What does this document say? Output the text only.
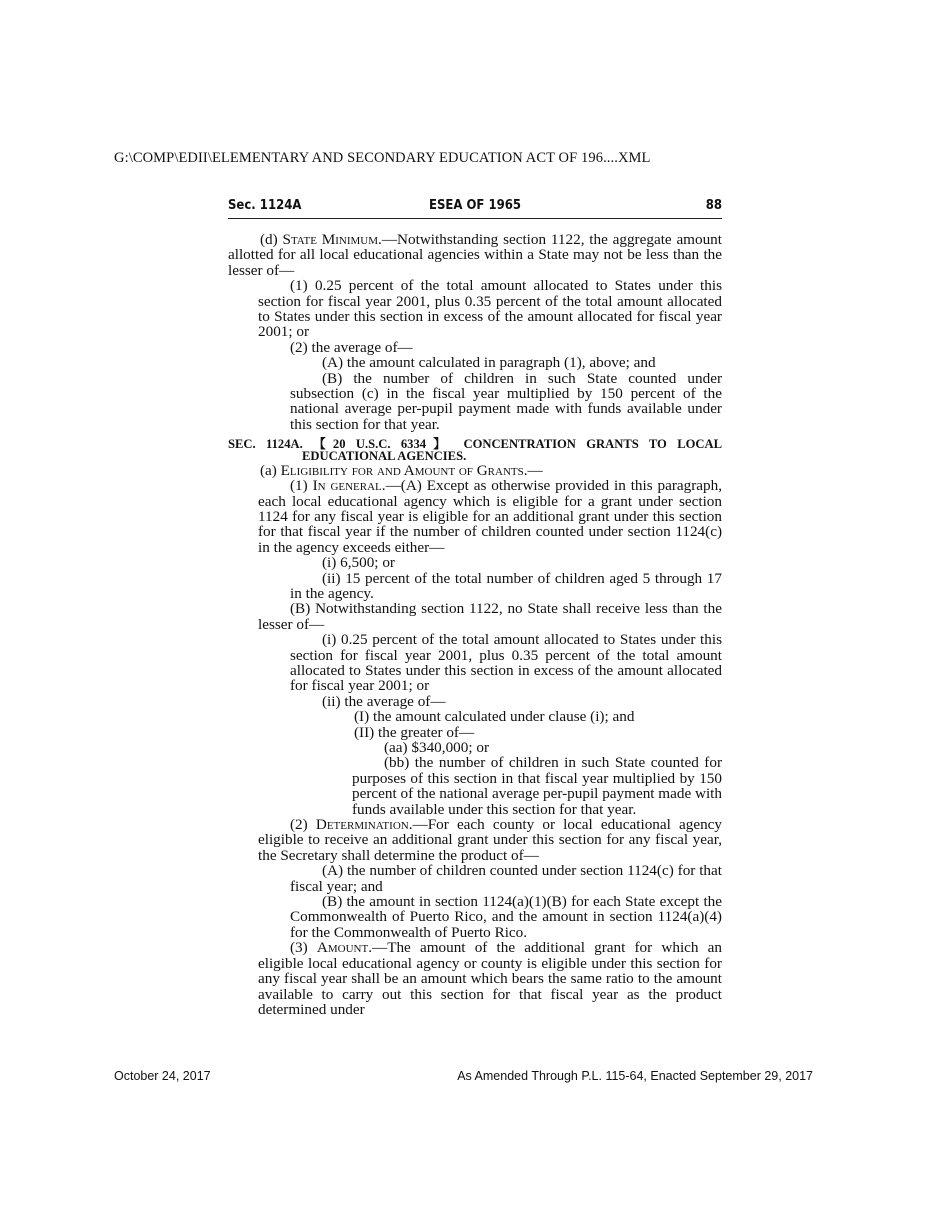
G:\COMP\EDII\ELEMENTARY AND SECONDARY EDUCATION ACT OF 196....XML
Sec. 1124A	ESEA OF 1965	88

(d) State Minimum.—Notwithstanding section 1122, the aggregate amount allotted for all local educational agencies within a State may not be less than the lesser of—

(1) 0.25 percent of the total amount allocated to States under this section for fiscal year 2001, plus 0.35 percent of the total amount allocated to States under this section in excess of the amount allocated for fiscal year 2001; or

(2) the average of—

(A) the amount calculated in paragraph (1), above; and

(B) the number of children in such State counted under subsection (c) in the fiscal year multiplied by 150 percent of the national average per-pupil payment made with funds available under this section for that year.

SEC. 1124A. 【20 U.S.C. 6334】 CONCENTRATION GRANTS TO LOCAL EDUCATIONAL AGENCIES.

(a) Eligibility for and Amount of Grants.—

(1) In general.—(A) Except as otherwise provided in this paragraph, each local educational agency which is eligible for a grant under section 1124 for any fiscal year is eligible for an additional grant under this section for that fiscal year if the number of children counted under section 1124(c) in the agency exceeds either—

(i) 6,500; or

(ii) 15 percent of the total number of children aged 5 through 17 in the agency.

(B) Notwithstanding section 1122, no State shall receive less than the lesser of—

(i) 0.25 percent of the total amount allocated to States under this section for fiscal year 2001, plus 0.35 percent of the total amount allocated to States under this section in excess of the amount allocated for fiscal year 2001; or

(ii) the average of—

(I) the amount calculated under clause (i); and

(II) the greater of—

(aa) $340,000; or

(bb) the number of children in such State counted for purposes of this section in that fiscal year multiplied by 150 percent of the national average per-pupil payment made with funds available under this section for that year.

(2) Determination.—For each county or local educational agency eligible to receive an additional grant under this section for any fiscal year, the Secretary shall determine the product of—

(A) the number of children counted under section 1124(c) for that fiscal year; and

(B) the amount in section 1124(a)(1)(B) for each State except the Commonwealth of Puerto Rico, and the amount in section 1124(a)(4) for the Commonwealth of Puerto Rico.

(3) Amount.—The amount of the additional grant for which an eligible local educational agency or county is eligible under this section for any fiscal year shall be an amount which bears the same ratio to the amount available to carry out this section for that fiscal year as the product determined under

October 24, 2017	As Amended Through P.L. 115-64, Enacted September 29, 2017
